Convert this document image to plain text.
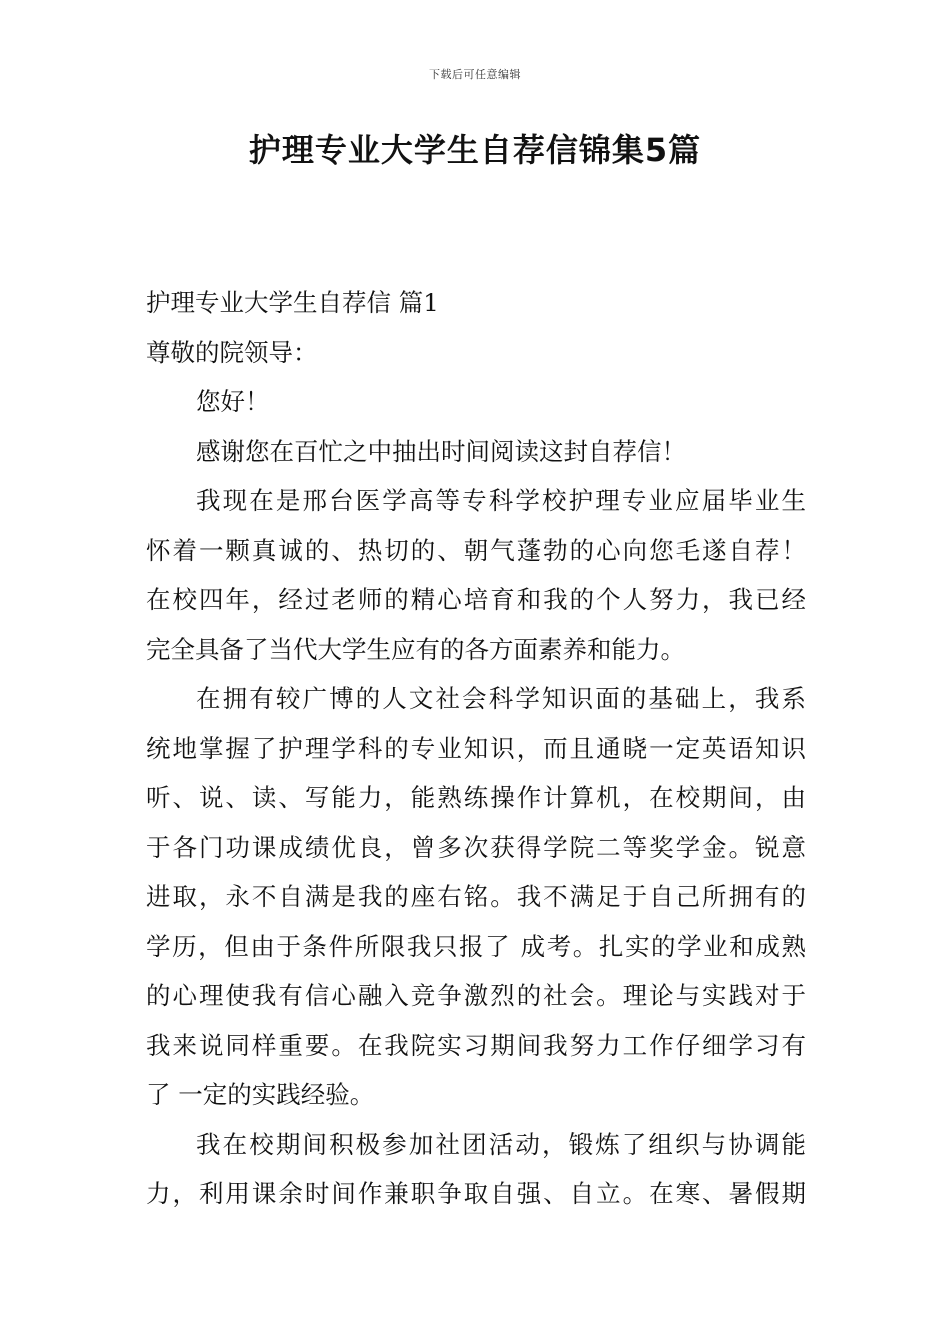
下载后可任意编辑
护理专业大学生自荐信锦集5篇
护理专业大学生自荐信 篇1
尊敬的院领导：
您好！
感谢您在百忙之中抽出时间阅读这封自荐信！
我现在是邢台医学高等专科学校护理专业应届毕业生
怀着一颗真诚的、热切的、朝气蓬勃的心向您毛遂自荐！
在校四年，经过老师的精心培育和我的个人努力，我已经
完全具备了当代大学生应有的各方面素养和能力。
在拥有较广博的人文社会科学知识面的基础上，我系
统地掌握了护理学科的专业知识，而且通晓一定英语知识
听、说、读、写能力，能熟练操作计算机，在校期间，由
于各门功课成绩优良，曾多次获得学院二等奖学金。锐意
进取，永不自满是我的座右铭。我不满足于自己所拥有的
学历，但由于条件所限我只报了 成考。扎实的学业和成熟
的心理使我有信心融入竞争激烈的社会。理论与实践对于
我来说同样重要。在我院实习期间我努力工作仔细学习有
了 一定的实践经验。
我在校期间积极参加社团活动，锻炼了组织与协调能
力，利用课余时间作兼职争取自强、自立。在寒、暑假期
